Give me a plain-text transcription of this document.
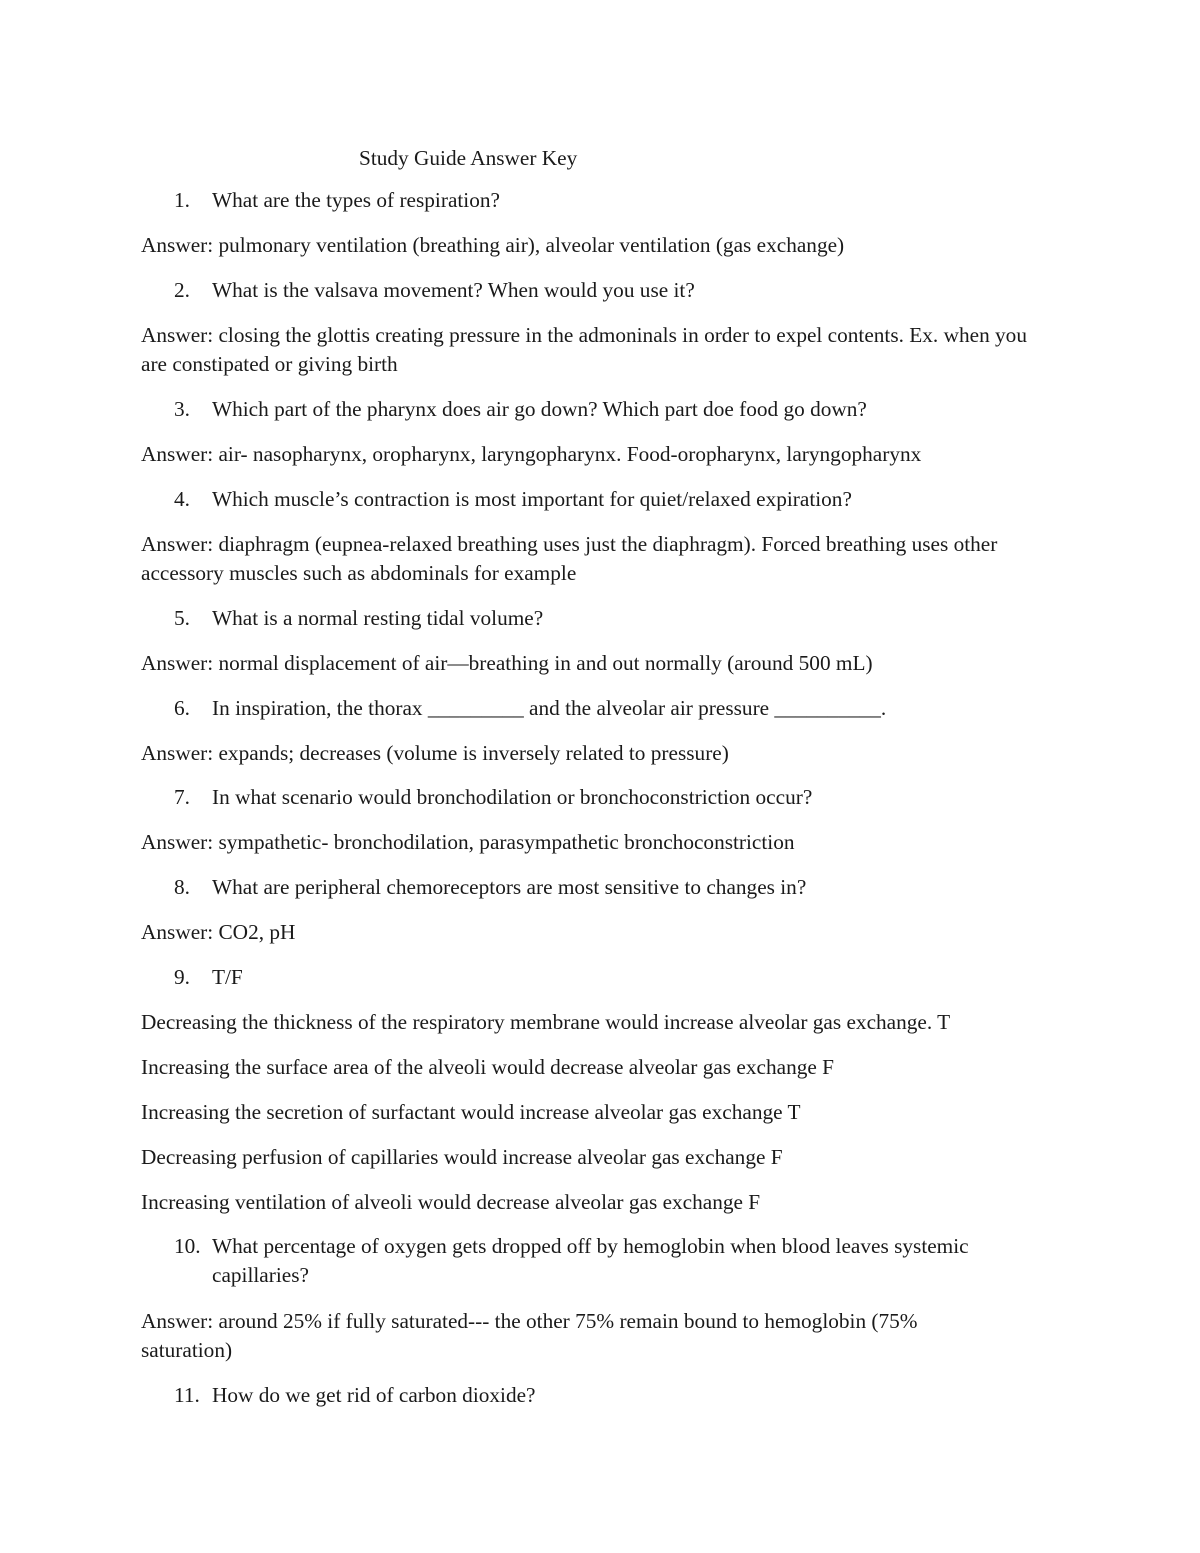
Study Guide Answer Key
1. What are the types of respiration?
Answer: pulmonary ventilation (breathing air), alveolar ventilation (gas exchange)
2. What is the valsava movement? When would you use it?
Answer: closing the glottis creating pressure in the admoninals in order to expel contents. Ex. when you are constipated or giving birth
3. Which part of the pharynx does air go down? Which part doe food go down?
Answer: air- nasopharynx, oropharynx, laryngopharynx. Food-oropharynx, laryngopharynx
4. Which muscle’s contraction is most important for quiet/relaxed expiration?
Answer: diaphragm (eupnea-relaxed breathing uses just the diaphragm). Forced breathing uses other accessory muscles such as abdominals for example
5. What is a normal resting tidal volume?
Answer: normal displacement of air—breathing in and out normally (around 500 mL)
6. In inspiration, the thorax _________ and the alveolar air pressure __________.
Answer: expands; decreases (volume is inversely related to pressure)
7. In what scenario would bronchodilation or bronchoconstriction occur?
Answer: sympathetic- bronchodilation, parasympathetic bronchoconstriction
8. What are peripheral chemoreceptors are most sensitive to changes in?
Answer: CO2, pH
9. T/F
Decreasing the thickness of the respiratory membrane would increase alveolar gas exchange. T
Increasing the surface area of the alveoli would decrease alveolar gas exchange F
Increasing the secretion of surfactant would increase alveolar gas exchange T
Decreasing perfusion of capillaries would increase alveolar gas exchange F
Increasing ventilation of alveoli would decrease alveolar gas exchange F
10. What percentage of oxygen gets dropped off by hemoglobin when blood leaves systemic capillaries?
Answer: around 25% if fully saturated--- the other 75% remain bound to hemoglobin (75% saturation)
11. How do we get rid of carbon dioxide?
